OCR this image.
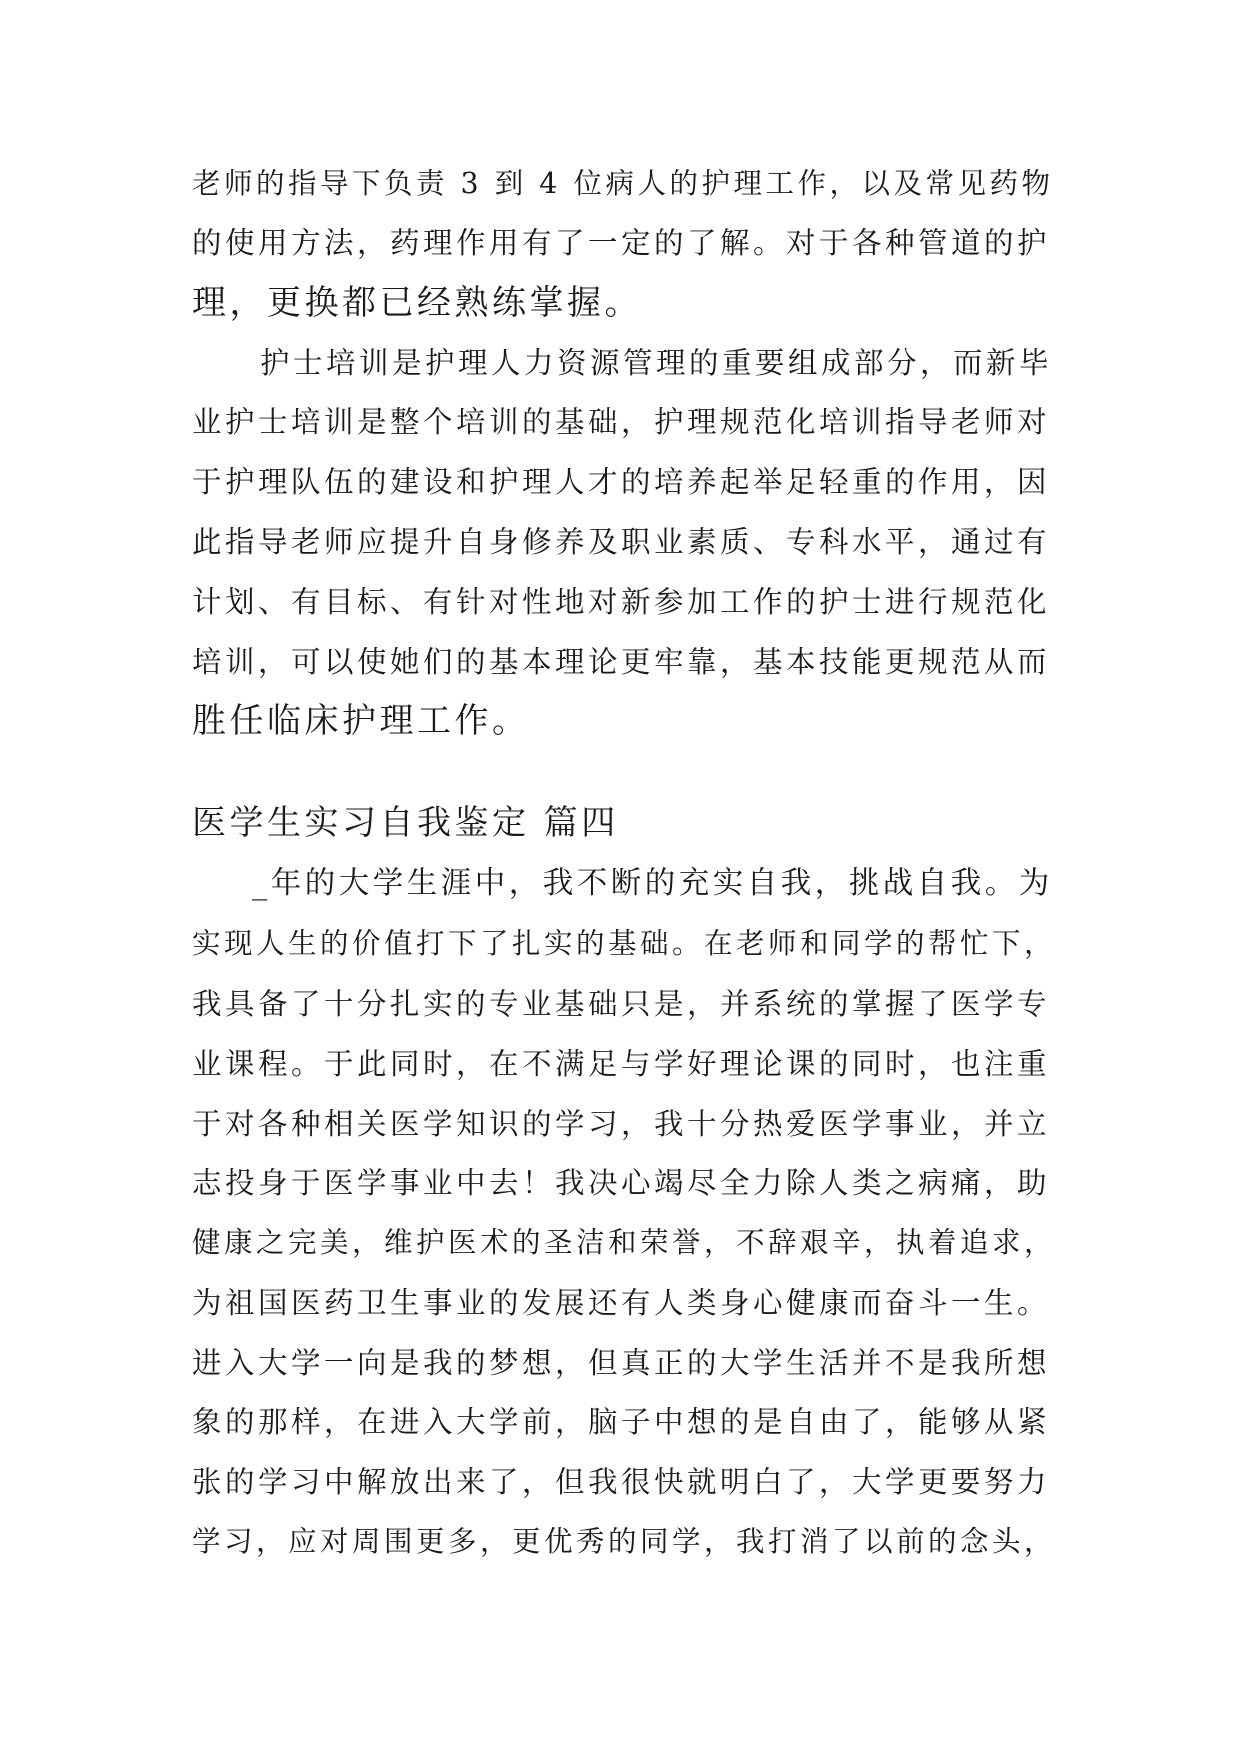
老师的指导下负责 3 到 4 位病人的护理工作，以及常见药物
的使用方法，药理作用有了一定的了解。对于各种管道的护
理，更换都已经熟练掌握。
护士培训是护理人力资源管理的重要组成部分，而新毕
业护士培训是整个培训的基础，护理规范化培训指导老师对
于护理队伍的建设和护理人才的培养起举足轻重的作用，因
此指导老师应提升自身修养及职业素质、专科水平，通过有
计划、有目标、有针对性地对新参加工作的护士进行规范化
培训，可以使她们的基本理论更牢靠，基本技能更规范从而
胜任临床护理工作。
医学生实习自我鉴定 篇四
_年的大学生涯中，我不断的充实自我，挑战自我。为
实现人生的价值打下了扎实的基础。在老师和同学的帮忙下，
我具备了十分扎实的专业基础只是，并系统的掌握了医学专
业课程。于此同时，在不满足与学好理论课的同时，也注重
于对各种相关医学知识的学习，我十分热爱医学事业，并立
志投身于医学事业中去！我决心竭尽全力除人类之病痛，助
健康之完美，维护医术的圣洁和荣誉，不辞艰辛，执着追求，
为祖国医药卫生事业的发展还有人类身心健康而奋斗一生。
进入大学一向是我的梦想，但真正的大学生活并不是我所想
象的那样，在进入大学前，脑子中想的是自由了，能够从紧
张的学习中解放出来了，但我很快就明白了，大学更要努力
学习，应对周围更多，更优秀的同学，我打消了以前的念头，
